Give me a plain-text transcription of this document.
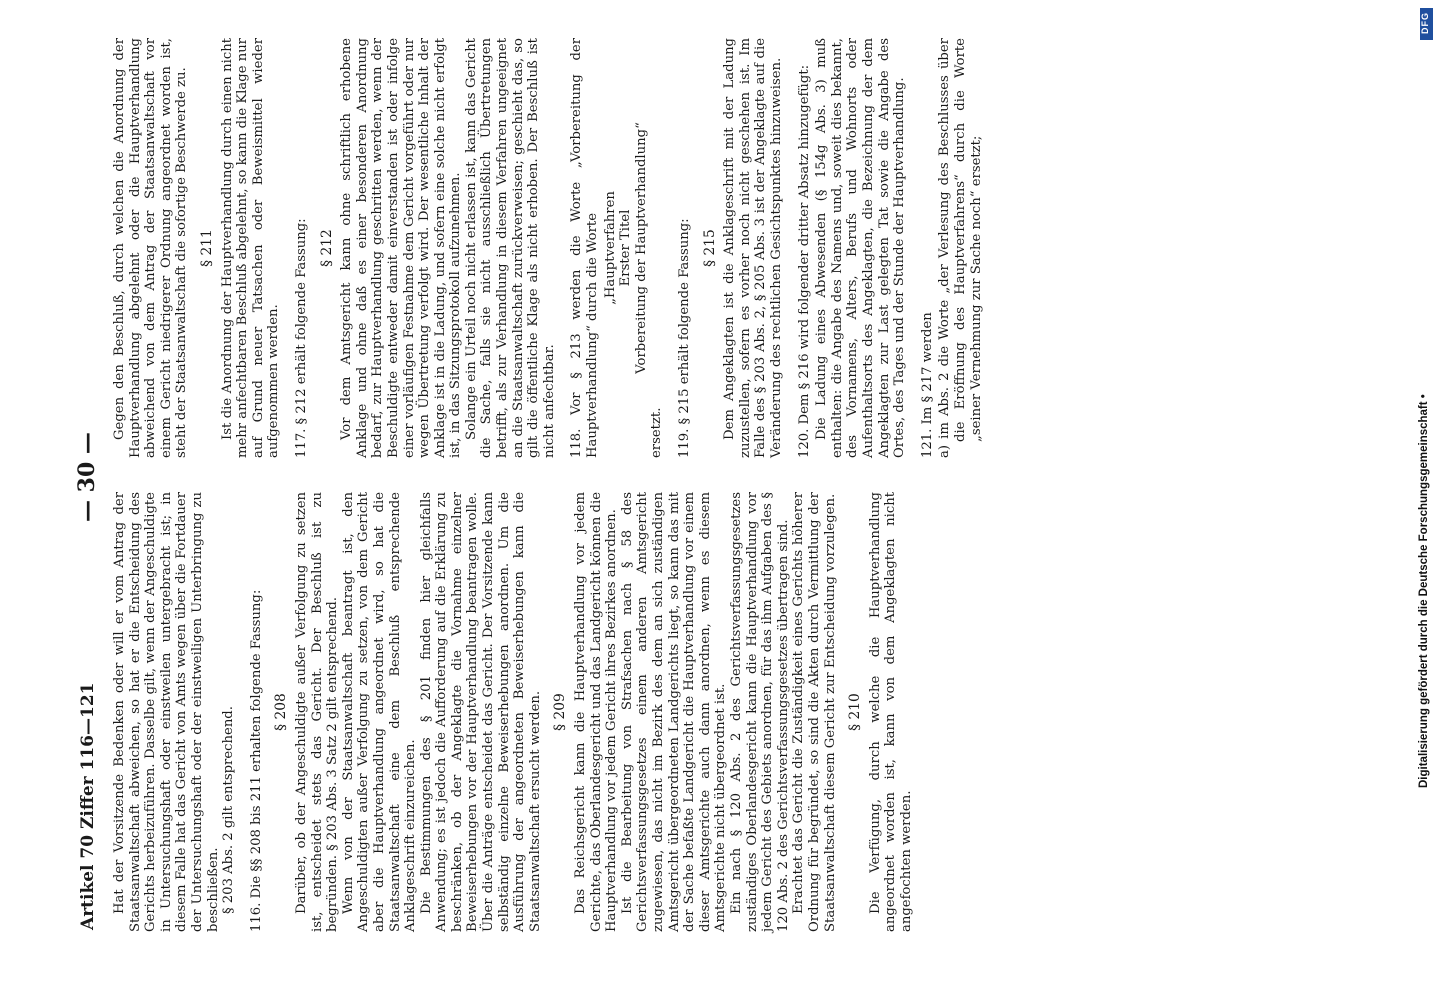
Artikel 70 Ziffer 116—121
— 30 —

Hat der Vorsitzende Bedenken oder will er vom Antrag der Staatsanwaltschaft abweichen, so hat er die Entscheidung des Gerichts herbeizuführen. Dasselbe gilt, wenn der Angeschuldigte in Untersuchungshaft oder einstweilen untergebracht ist; in diesem Falle hat das Gericht von Amts wegen über die Fortdauer der Untersuchungshaft oder der einstweiligen Unterbringung zu beschließen. § 203 Abs. 2 gilt entsprechend. 116. Die §§ 208 bis 211 erhalten folgende Fassung: § 208 Darüber, ob der Angeschuldigte außer Verfolgung zu setzen ist, entscheidet stets das Gericht. Der Beschluß ist zu begründen. § 203 Abs. 3 Satz 2 gilt entsprechend. Wenn von der Staatsanwaltschaft beantragt ist, den Angeschuldigten außer Verfolgung zu setzen, von dem Gericht aber die Hauptverhandlung angeordnet wird, so hat die Staatsanwaltschaft eine dem Beschluß entsprechende Anklageschrift einzureichen. Die Bestimmungen des § 201 finden hier gleichfalls Anwendung; es ist jedoch die Aufforderung auf die Erklärung zu beschränken, ob der Angeklagte die Vornahme einzelner Beweiserhebungen vor der Hauptverhandlung beantragen wolle. Über die Anträge entscheidet das Gericht. Der Vorsitzende kann selbständig einzelne Beweiserhebungen anordnen. Um die Ausführung der angeordneten Beweiserhebungen kann die Staatsanwaltschaft ersucht werden. § 209 Das Reichsgericht kann die Hauptverhandlung vor jedem Gerichte, das Oberlandesgericht und das Landgericht können die Hauptverhandlung vor jedem Gericht ihres Bezirkes anordnen. Ist die Bearbeitung von Strafsachen nach § 58 des Gerichtsverfassungsgesetzes einem anderen Amtsgericht zugewiesen, das nicht im Bezirk des dem an sich zuständigen Amtsgericht übergeordneten Landgerichts liegt, so kann das mit der Sache befaßte Landgericht die Hauptverhandlung vor einem dieser Amtsgerichte auch dann anordnen, wenn es diesem Amtsgerichte nicht übergeordnet ist. Ein nach § 120 Abs. 2 des Gerichtsverfassungsgesetzes zuständiges Oberlandesgericht kann die Hauptverhandlung vor jedem Gericht des Gebiets anordnen, für das ihm Aufgaben des § 120 Abs. 2 des Gerichtsverfassungsgesetzes übertragen sind. Erachtet das Gericht die Zuständigkeit eines Gerichts höherer Ordnung für begründet, so sind die Akten durch Vermittlung der Staatsanwaltschaft diesem Gericht zur Entscheidung vorzulegen. § 210 Die Verfügung, durch welche die Hauptverhandlung angeordnet worden ist, kann von dem Angeklagten nicht angefochten werden.

Gegen den Beschluß, durch welchen die Anordnung der Hauptverhandlung abgelehnt oder die Hauptverhandlung abweichend von dem Antrag der Staatsanwaltschaft vor einem Gericht niedrigerer Ordnung angeordnet worden ist, steht der Staatsanwaltschaft die sofortige Beschwerde zu. § 211 Ist die Anordnung der Hauptverhandlung durch einen nicht mehr anfechtbaren Beschluß abgelehnt, so kann die Klage nur auf Grund neuer Tatsachen oder Beweismittel wieder aufgenommen werden. 117. § 212 erhält folgende Fassung: § 212 Vor dem Amtsgericht kann ohne schriftlich erhobene Anklage und ohne daß es einer besonderen Anordnung bedarf, zur Hauptverhandlung geschritten werden, wenn der Beschuldigte entweder damit einverstanden ist oder infolge einer vorläufigen Festnahme dem Gericht vorgeführt oder nur wegen Übertretung verfolgt wird. Der wesentliche Inhalt der Anklage ist in die Ladung, und sofern eine solche nicht erfolgt ist, in das Sitzungsprotokoll aufzunehmen. Solange ein Urteil noch nicht erlassen ist, kann das Gericht die Sache, falls sie nicht ausschließlich Übertretungen betrifft, als zur Verhandlung in diesem Verfahren ungeeignet an die Staatsanwaltschaft zurückverweisen; geschieht das, so gilt die öffentliche Klage als nicht erhoben. Der Beschluß ist nicht anfechtbar. 118. Vor § 213 werden die Worte „Vorbereitung der Hauptverhandlung“ durch die Worte „Hauptverfahren Erster Titel Vorbereitung der Hauptverhandlung“

ersetzt. 119. § 215 erhält folgende Fassung: § 215 Dem Angeklagten ist die Anklageschrift mit der Ladung zuzustellen, sofern es vorher noch nicht geschehen ist. Im Falle des § 203 Abs. 2, § 205 Abs. 3 ist der Angeklagte auf die Veränderung des rechtlichen Gesichtspunktes hinzuweisen. 120. Dem § 216 wird folgender dritter Absatz hinzugefügt: Die Ladung eines Abwesenden (§ 154g Abs. 3) muß enthalten: die Angabe des Namens und, soweit dies bekannt, des Vornamens, Alters, Berufs und Wohnorts oder Aufenthaltsorts des Angeklagten, die Bezeichnung der dem Angeklagten zur Last gelegten Tat sowie die Angabe des Ortes, des Tages und der Stunde der Hauptverhandlung. 121. Im § 217 werden a) im Abs. 2 die Worte „der Verlesung des Beschlusses über die Eröffnung des Hauptverfahrens“ durch die Worte „seiner Vernehmung zur Sache noch“ ersetzt;

Digitalisierung gefördert durch die Deutsche Forschungsgemeinschaft •
DFG
